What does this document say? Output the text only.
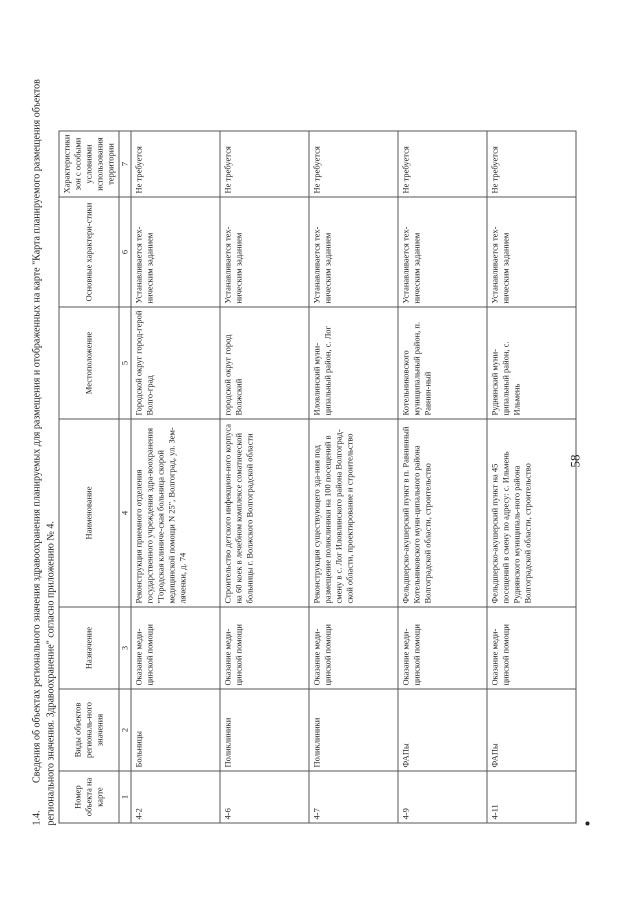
1.4. Сведения об объектах регионального значения здравоохранения планируемых для размещения и отображенных на карте "Карта планируемого размещения объектов регионального значения. Здравоохранение" согласно приложению № 4. Номер объекта на карте	Виды объектов региональ-ного значения	Назначение	Наименование	Местоположение	Основные характери-стики	Характеристики зон с особыми условиями использования территории
1	2	3	4	5	6	7
4-2	Больницы	Оказание меди-цинской помощи	Реконструкция приемного отделения государственного учреждения здра-воохранения "Городская клиниче-ская больница скорой медицинской помощи N 25", Волгоград, ул. Зем-ляченки, д. 74	Городской округ город-герой Волго-град	Устанавливается тех-ническим заданием	Не требуется
4-6	Поликлиники	Оказание меди-цинской помощи	Строительство детского инфекцион-ного корпуса на 60 коек в лечебном комплексе соматической больницы г. Волжского Волгоградской области	городской округ город Волжский	Устанавливается тех-ническим заданием	Не требуется
4-7	Поликлиники	Оказание меди-цинской помощи	Реконструкция существующего зда-ния под размещение поликлиники на 100 посещений в смену в с. Лог Иловлинского района Волгоград-ской области, проектирование и строительство	Иловлинский муни-ципальный район, с. Лог	Устанавливается тех-ническим заданием	Не требуется
4-9	ФАПы	Оказание меди-цинской помощи	Фельдшерско-акушерский пункт в п. Равнинный Котельниковского муни-ципального района Волгоградской области, строительство	Котельниковского муниципальный район, п. Равнин-ный	Устанавливается тех-ническим заданием	Не требуется
4-11	ФАПы	Оказание меди-цинской помощи	Фельдшерско-акушерский пункт на 45 посещений в смену по адресу: с. Ильмень Руднянского муниципаль-ного района Волгоградской области, строительство	Руднянский муни-ципальный район, с. Ильмень	Устанавливается тех-ническим заданием	Не требуется
58
